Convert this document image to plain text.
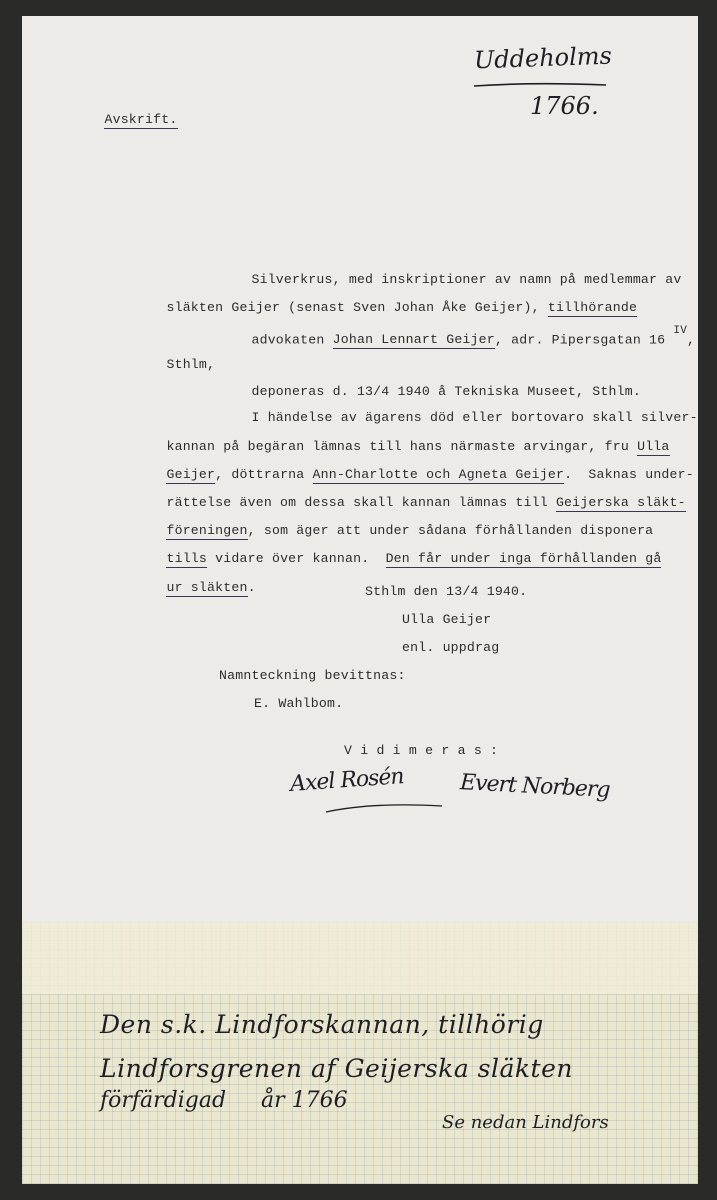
Avskrift.

Uddeholms
1766.

Silverkrus, med inskriptioner av namn på medlemmar av

släkten Geijer (senast Sven Johan Åke Geijer), tillhörande

advokaten Johan Lennart Geijer, adr. Pipersgatan 16 $^{IV}$,

Sthlm,

deponeras d. 13/4 1940 å Tekniska Museet, Sthlm.

I händelse av ägarens död eller bortovaro skall silver-

kannan på begäran lämnas till hans närmaste arvingar, fru Ulla

Geijer, döttrarna Ann-Charlotte och Agneta Geijer.  Saknas under-

rättelse även om dessa skall kannan lämnas till Geijerska släkt-

föreningen, som äger att under sådana förhållanden disponera

tills vidare över kannan.  Den får under inga förhållanden gå

ur släkten.
	Sthlm den 13/4 1940.
Ulla Geijer
enl. uppdrag
Namnteckning bevittnas:
E. Wahlbom.
V i d i m e r a s :
Axel Rosén	Evert Norberg
Den s.k. Lindforskannan, tillhörig
Lindforsgrenen af Geijerska släkten
förfärdigad     år 1766
Se nedan Lindfors
